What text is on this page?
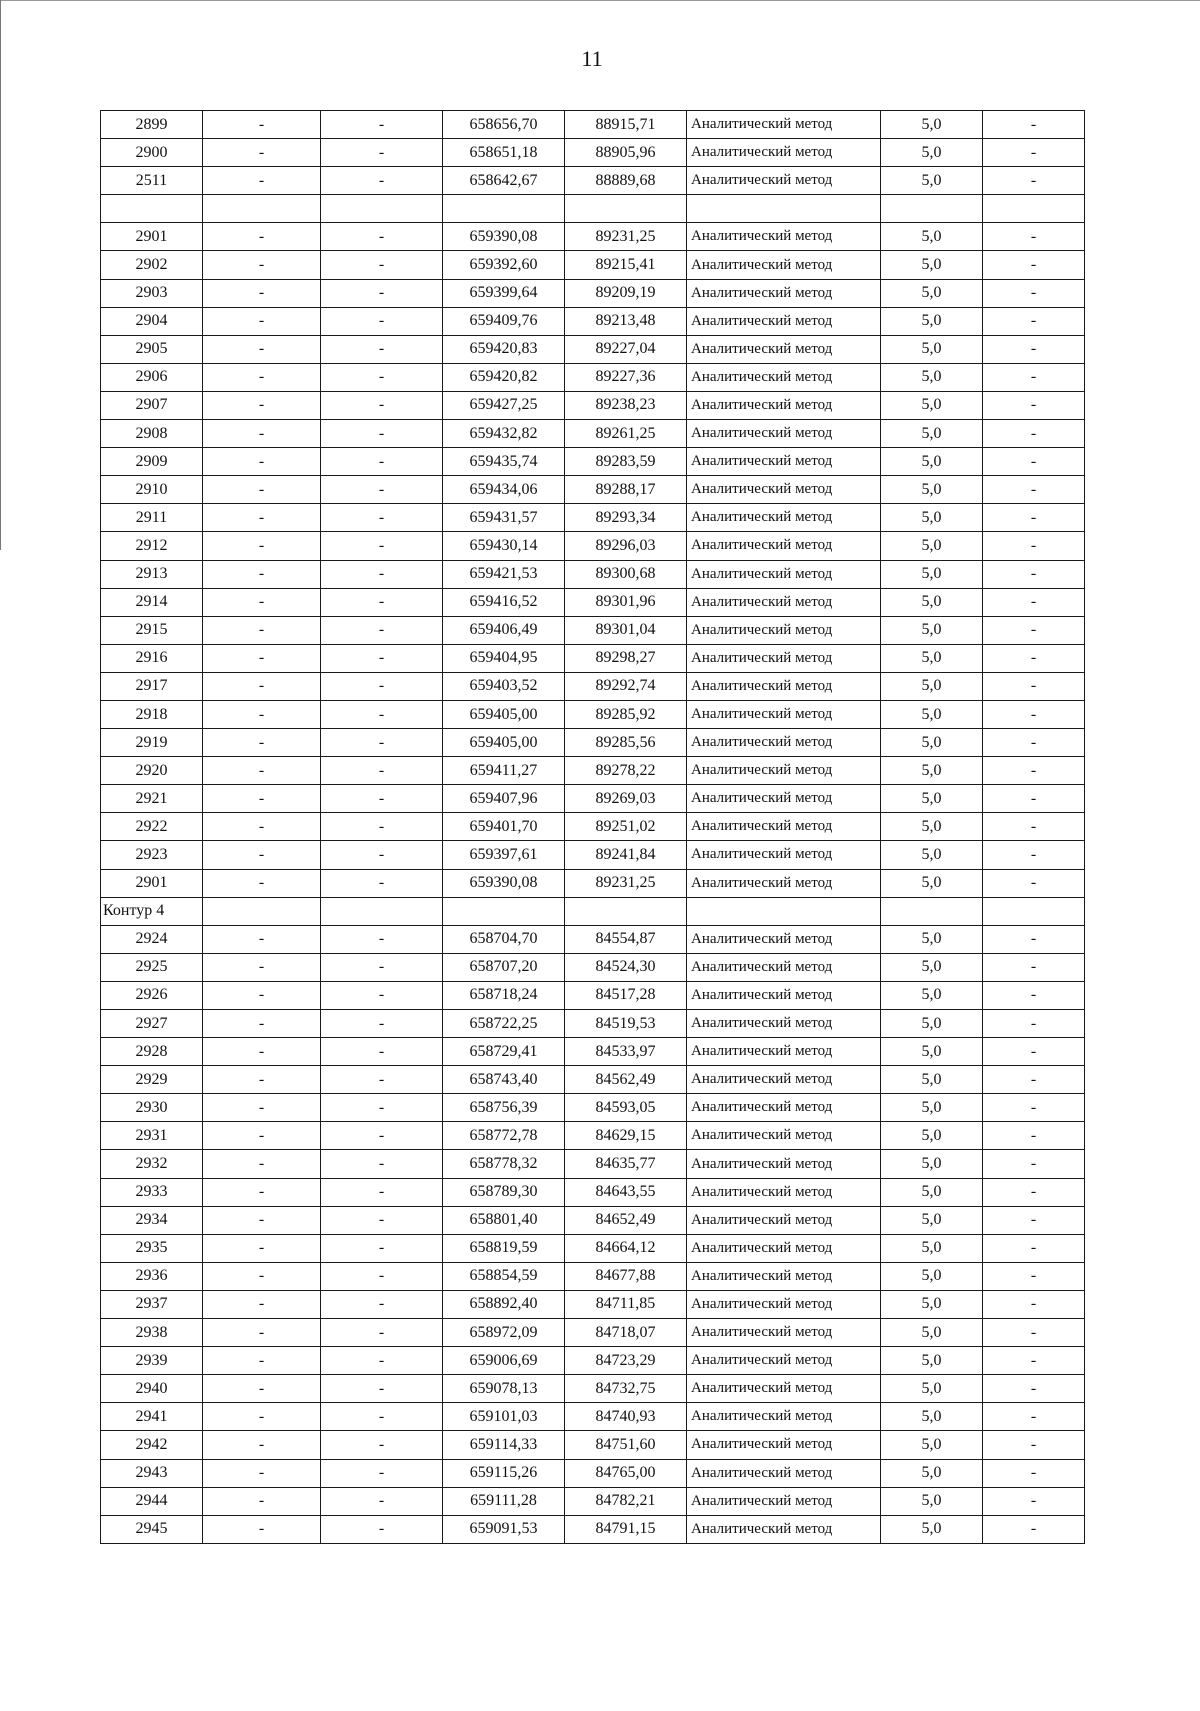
11
2899	-	-	658656,70	88915,71	Аналитический метод	5,0	-
2900	-	-	658651,18	88905,96	Аналитический метод	5,0	-
2511	-	-	658642,67	88889,68	Аналитический метод	5,0	-

2901	-	-	659390,08	89231,25	Аналитический метод	5,0	-
2902	-	-	659392,60	89215,41	Аналитический метод	5,0	-
2903	-	-	659399,64	89209,19	Аналитический метод	5,0	-
2904	-	-	659409,76	89213,48	Аналитический метод	5,0	-
2905	-	-	659420,83	89227,04	Аналитический метод	5,0	-
2906	-	-	659420,82	89227,36	Аналитический метод	5,0	-
2907	-	-	659427,25	89238,23	Аналитический метод	5,0	-
2908	-	-	659432,82	89261,25	Аналитический метод	5,0	-
2909	-	-	659435,74	89283,59	Аналитический метод	5,0	-
2910	-	-	659434,06	89288,17	Аналитический метод	5,0	-
2911	-	-	659431,57	89293,34	Аналитический метод	5,0	-
2912	-	-	659430,14	89296,03	Аналитический метод	5,0	-
2913	-	-	659421,53	89300,68	Аналитический метод	5,0	-
2914	-	-	659416,52	89301,96	Аналитический метод	5,0	-
2915	-	-	659406,49	89301,04	Аналитический метод	5,0	-
2916	-	-	659404,95	89298,27	Аналитический метод	5,0	-
2917	-	-	659403,52	89292,74	Аналитический метод	5,0	-
2918	-	-	659405,00	89285,92	Аналитический метод	5,0	-
2919	-	-	659405,00	89285,56	Аналитический метод	5,0	-
2920	-	-	659411,27	89278,22	Аналитический метод	5,0	-
2921	-	-	659407,96	89269,03	Аналитический метод	5,0	-
2922	-	-	659401,70	89251,02	Аналитический метод	5,0	-
2923	-	-	659397,61	89241,84	Аналитический метод	5,0	-
2901	-	-	659390,08	89231,25	Аналитический метод	5,0	-
Контур 4							
2924	-	-	658704,70	84554,87	Аналитический метод	5,0	-
2925	-	-	658707,20	84524,30	Аналитический метод	5,0	-
2926	-	-	658718,24	84517,28	Аналитический метод	5,0	-
2927	-	-	658722,25	84519,53	Аналитический метод	5,0	-
2928	-	-	658729,41	84533,97	Аналитический метод	5,0	-
2929	-	-	658743,40	84562,49	Аналитический метод	5,0	-
2930	-	-	658756,39	84593,05	Аналитический метод	5,0	-
2931	-	-	658772,78	84629,15	Аналитический метод	5,0	-
2932	-	-	658778,32	84635,77	Аналитический метод	5,0	-
2933	-	-	658789,30	84643,55	Аналитический метод	5,0	-
2934	-	-	658801,40	84652,49	Аналитический метод	5,0	-
2935	-	-	658819,59	84664,12	Аналитический метод	5,0	-
2936	-	-	658854,59	84677,88	Аналитический метод	5,0	-
2937	-	-	658892,40	84711,85	Аналитический метод	5,0	-
2938	-	-	658972,09	84718,07	Аналитический метод	5,0	-
2939	-	-	659006,69	84723,29	Аналитический метод	5,0	-
2940	-	-	659078,13	84732,75	Аналитический метод	5,0	-
2941	-	-	659101,03	84740,93	Аналитический метод	5,0	-
2942	-	-	659114,33	84751,60	Аналитический метод	5,0	-
2943	-	-	659115,26	84765,00	Аналитический метод	5,0	-
2944	-	-	659111,28	84782,21	Аналитический метод	5,0	-
2945	-	-	659091,53	84791,15	Аналитический метод	5,0	-
